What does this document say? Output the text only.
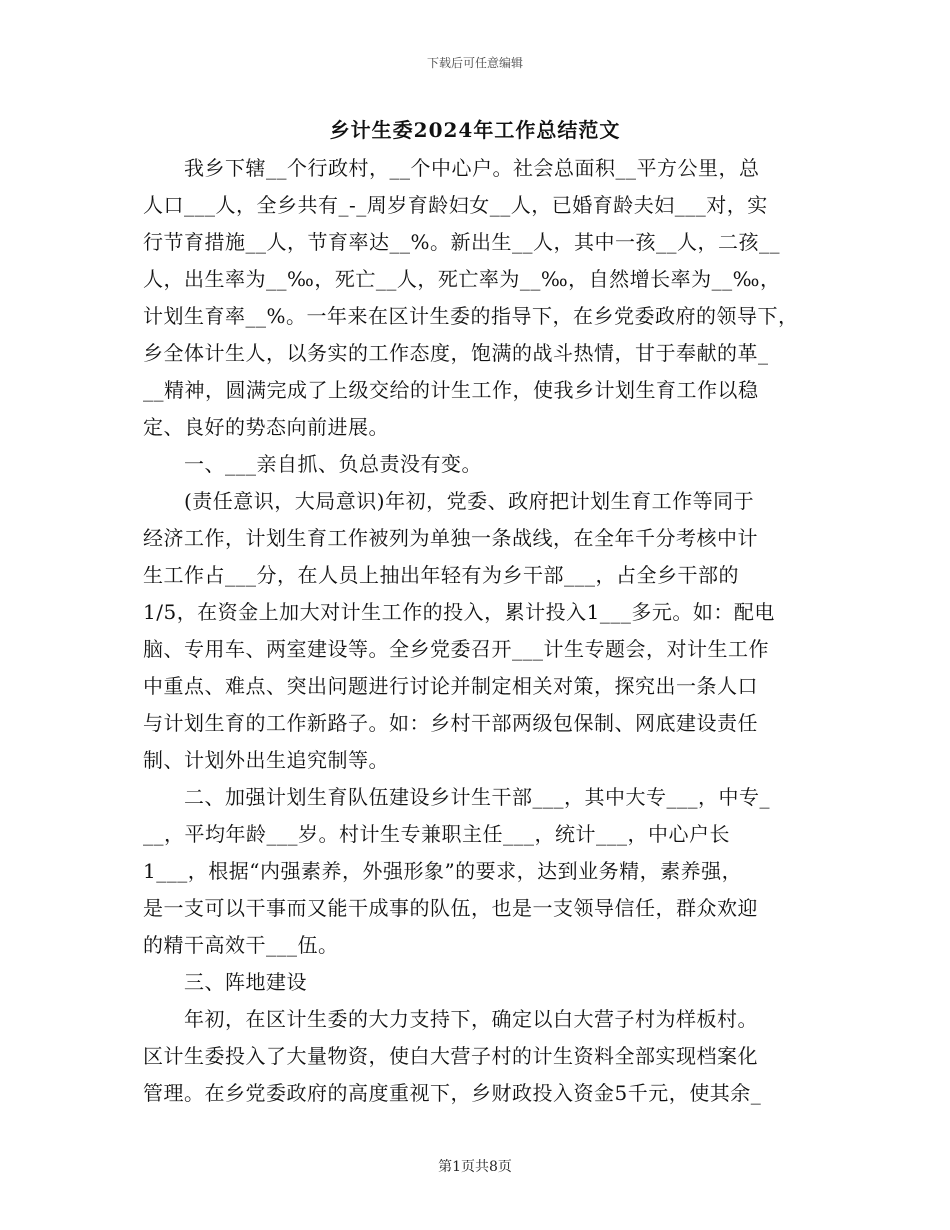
下载后可任意编辑
乡计生委2024年工作总结范文
　　我乡下辖__个行政村，__个中心户。社会总面积__平方公里，总
人口___人，全乡共有_-_周岁育龄妇女__人，已婚育龄夫妇___对，实
行节育措施__人，节育率达__%。新出生__人，其中一孩__人，二孩__
人，出生率为__‰，死亡__人，死亡率为__‰，自然增长率为__‰，
计划生育率__%。一年来在区计生委的指导下，在乡党委政府的领导下，
乡全体计生人，以务实的工作态度，饱满的战斗热情，甘于奉献的革_
__精神，圆满完成了上级交给的计生工作，使我乡计划生育工作以稳
定、良好的势态向前进展。
　　一、___亲自抓、负总责没有变。
　　(责任意识，大局意识)年初，党委、政府把计划生育工作等同于
经济工作，计划生育工作被列为单独一条战线，在全年千分考核中计
生工作占___分，在人员上抽出年轻有为乡干部___，占全乡干部的
1/5，在资金上加大对计生工作的投入，累计投入1___多元。如：配电
脑、专用车、两室建设等。全乡党委召开___计生专题会，对计生工作
中重点、难点、突出问题进行讨论并制定相关对策，探究出一条人口
与计划生育的工作新路子。如：乡村干部两级包保制、网底建设责任
制、计划外出生追究制等。
　　二、加强计划生育队伍建设乡计生干部___，其中大专___，中专_
__，平均年龄___岁。村计生专兼职主任___，统计___，中心户长
1___，根据“内强素养，外强形象”的要求，达到业务精，素养强，
是一支可以干事而又能干成事的队伍，也是一支领导信任，群众欢迎
的精干高效干___伍。
　　三、阵地建设
　　年初，在区计生委的大力支持下，确定以白大营子村为样板村。
区计生委投入了大量物资，使白大营子村的计生资料全部实现档案化
管理。在乡党委政府的高度重视下，乡财政投入资金5千元，使其余_
第1页共8页
